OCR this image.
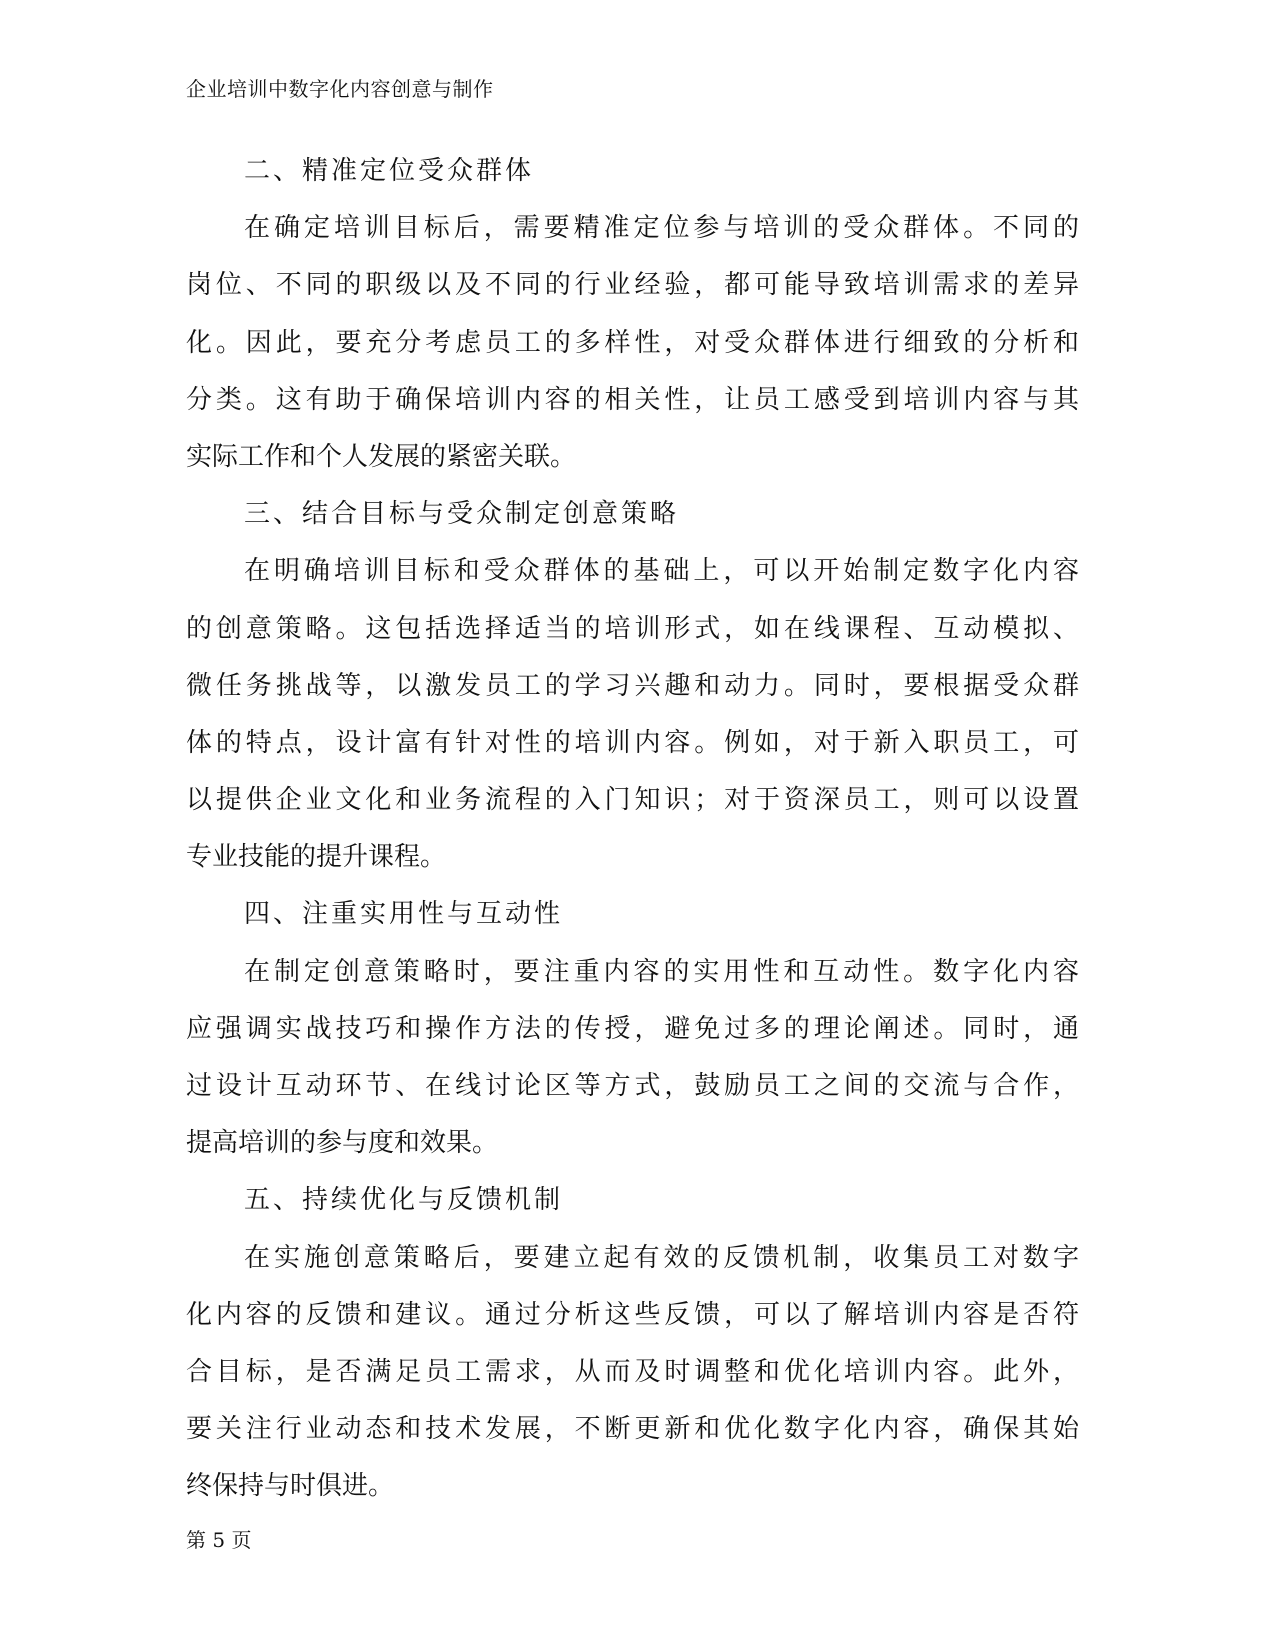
企业培训中数字化内容创意与制作
二、精准定位受众群体
在确定培训目标后，需要精准定位参与培训的受众群体。不同的
岗位、不同的职级以及不同的行业经验，都可能导致培训需求的差异
化。因此，要充分考虑员工的多样性，对受众群体进行细致的分析和
分类。这有助于确保培训内容的相关性，让员工感受到培训内容与其
实际工作和个人发展的紧密关联。
三、结合目标与受众制定创意策略
在明确培训目标和受众群体的基础上，可以开始制定数字化内容
的创意策略。这包括选择适当的培训形式，如在线课程、互动模拟、
微任务挑战等，以激发员工的学习兴趣和动力。同时，要根据受众群
体的特点，设计富有针对性的培训内容。例如，对于新入职员工，可
以提供企业文化和业务流程的入门知识；对于资深员工，则可以设置
专业技能的提升课程。
四、注重实用性与互动性
在制定创意策略时，要注重内容的实用性和互动性。数字化内容
应强调实战技巧和操作方法的传授，避免过多的理论阐述。同时，通
过设计互动环节、在线讨论区等方式，鼓励员工之间的交流与合作，
提高培训的参与度和效果。
五、持续优化与反馈机制
在实施创意策略后，要建立起有效的反馈机制，收集员工对数字
化内容的反馈和建议。通过分析这些反馈，可以了解培训内容是否符
合目标，是否满足员工需求，从而及时调整和优化培训内容。此外，
要关注行业动态和技术发展，不断更新和优化数字化内容，确保其始
终保持与时俱进。
第 5 页
